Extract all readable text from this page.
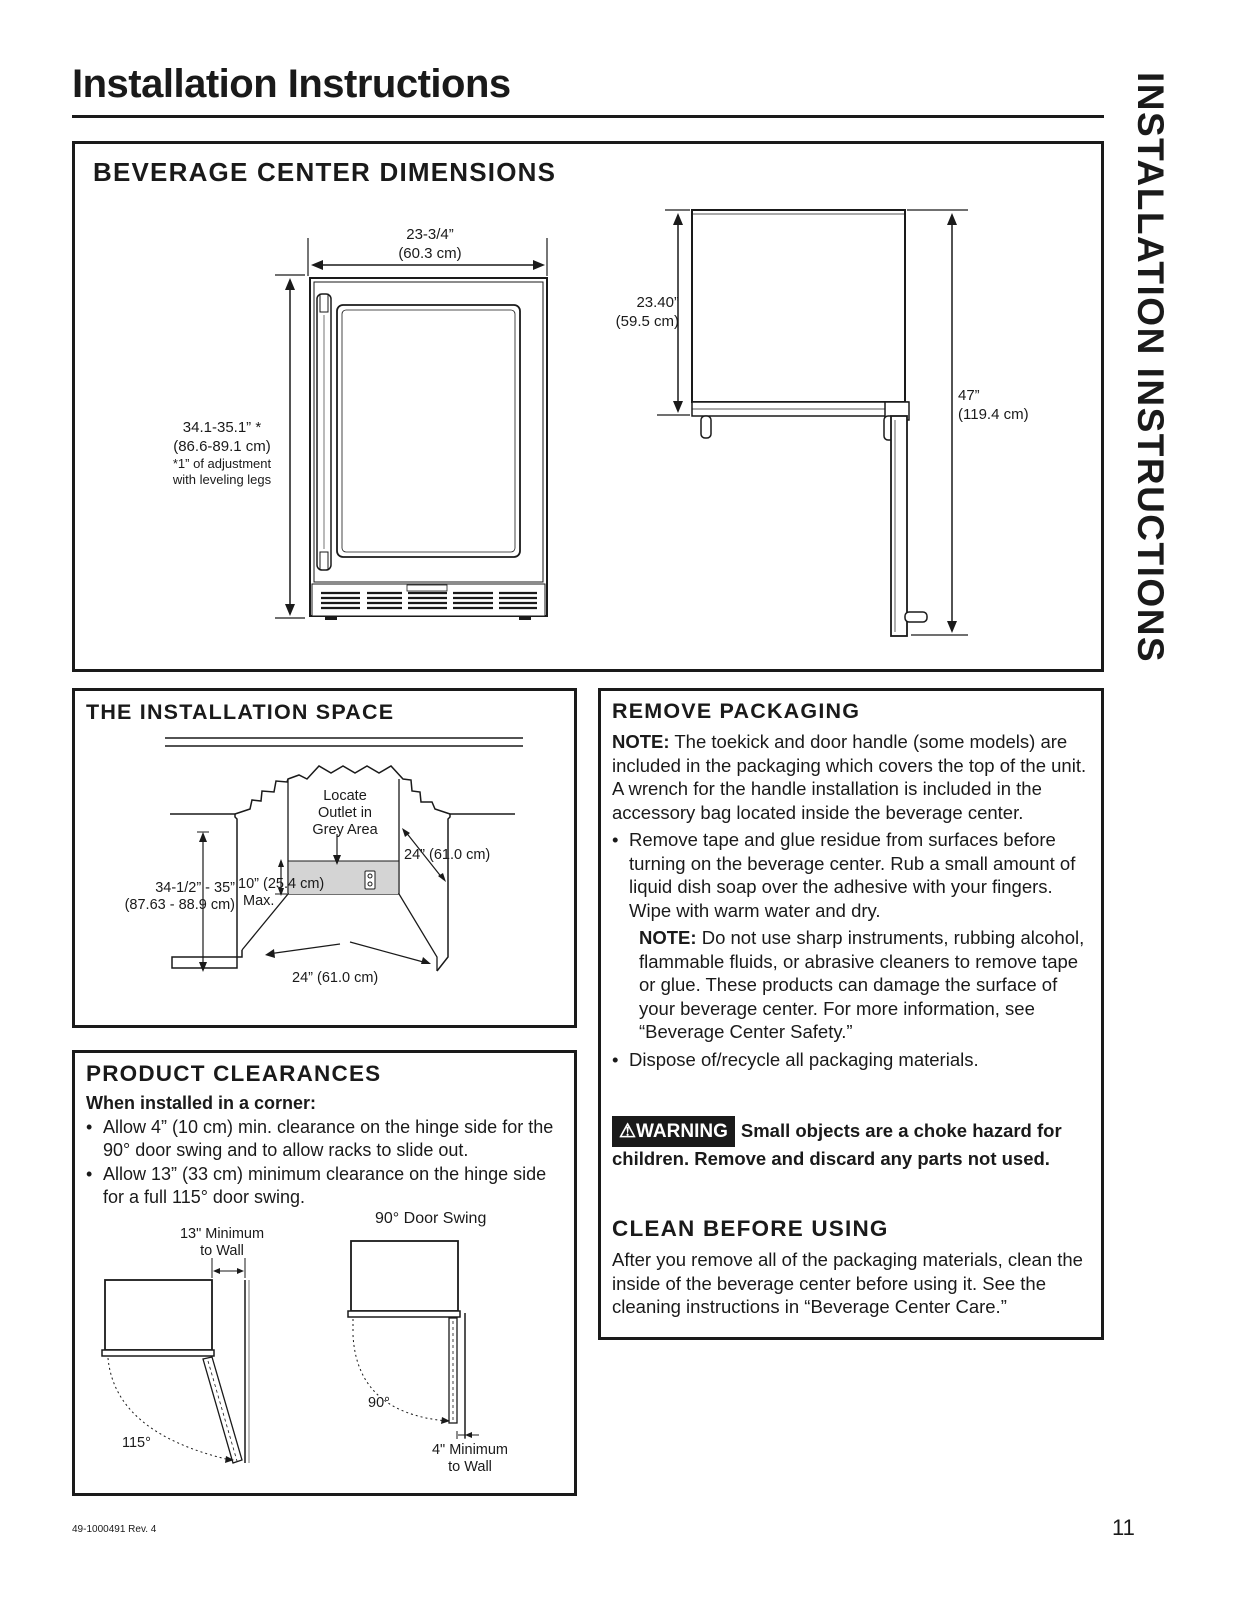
Installation Instructions	INSTALLATION INSTRUCTIONS
BEVERAGE CENTER DIMENSIONS
23-3/4”
(60.3 cm)
34.1-35.1” *
(86.6-89.1 cm)
*1” of adjustment
with leveling legs
23.40”
(59.5 cm)
47”
(119.4 cm)
THE INSTALLATION SPACE
Locate
Outlet in
Grey Area
24” (61.0 cm)
10” (25.4 cm)
Max.
34-1/2” - 35”
(87.63 - 88.9 cm)
24” (61.0 cm)
PRODUCT CLEARANCES

When installed in a corner:

• Allow 4” (10 cm) min. clearance on the hinge side for the 90° door swing and to allow racks to slide out.
• Allow 13” (33 cm) minimum clearance on the hinge side for a full 115° door swing.
13" Minimum
to Wall
90° Door Swing
115°
90°
4" Minimum
to Wall
REMOVE PACKAGING

NOTE: The toekick and door handle (some models) are included in the packaging which covers the top of the unit. A wrench for the handle installation is included in the accessory bag located inside the beverage center.

• Remove tape and glue residue from surfaces before turning on the beverage center. Rub a small amount of liquid dish soap over the adhesive with your fingers. Wipe with warm water and dry.

NOTE: Do not use sharp instruments, rubbing alcohol, flammable fluids, or abrasive cleaners to remove tape or glue. These products can damage the surface of your beverage center. For more information, see “Beverage Center Safety.”

• Dispose of/recycle all packaging materials.
⚠WARNING Small objects are a choke hazard for children. Remove and discard any parts not used.
CLEAN BEFORE USING
After you remove all of the packaging materials, clean the inside of the beverage center before using it. See the cleaning instructions in “Beverage Center Care.”
49-1000491 Rev. 4	11
